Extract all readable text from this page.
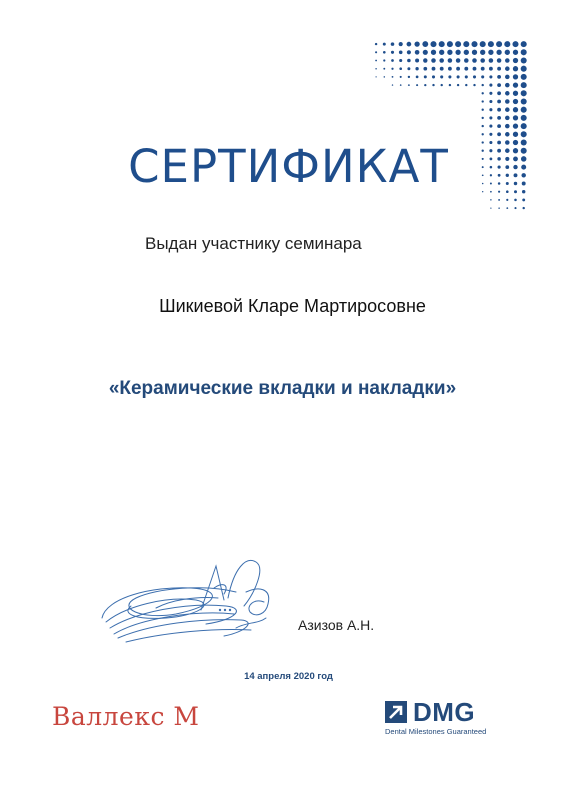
СЕРТИФИКАТ
Выдан участнику семинара
Шикиевой Кларе Мартиросовне
«Керамические вкладки и накладки»
Азизов А.Н.
14 апреля 2020 год
Валлекс М	DMG
Dental Milestones Guaranteed
